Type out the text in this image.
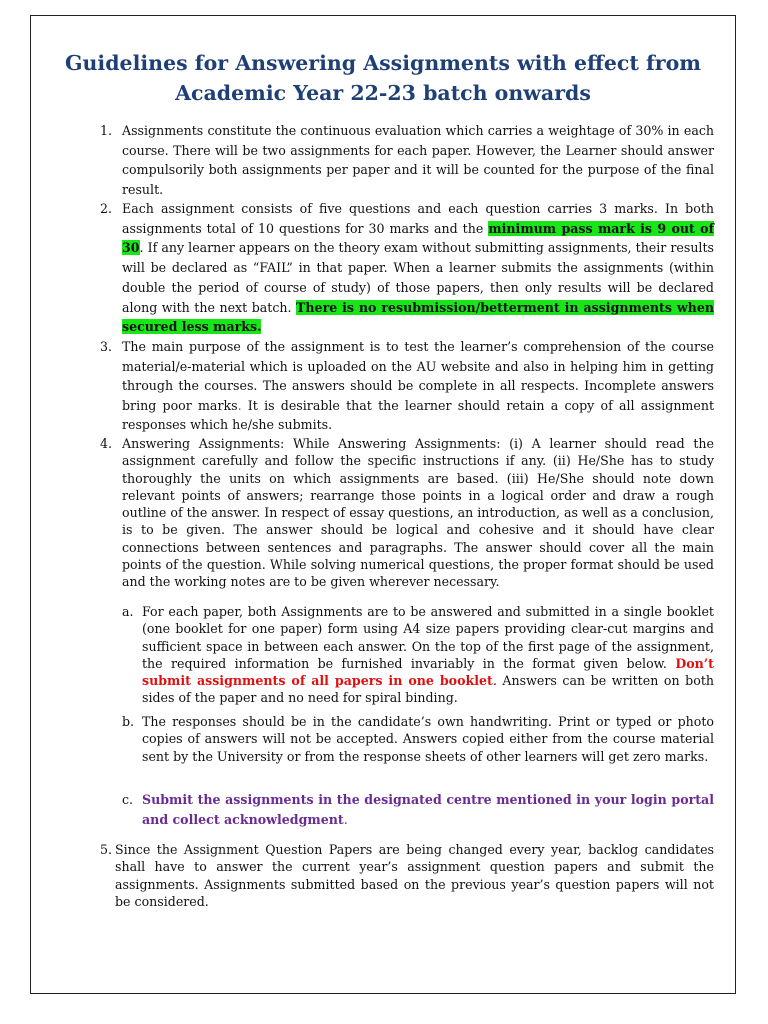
Guidelines for Answering Assignments with effect from
Academic Year 22-23 batch onwards
1. Assignments constitute the continuous evaluation which carries a weightage of 30% in each course. There will be two assignments for each paper. However, the Learner should answer compulsorily both assignments per paper and it will be counted for the purpose of the final result.
2. Each assignment consists of five questions and each question carries 3 marks. In both assignments total of 10 questions for 30 marks and the minimum pass mark is 9 out of 30. If any learner appears on the theory exam without submitting assignments, their results will be declared as “FAIL” in that paper. When a learner submits the assignments (within double the period of course of study) of those papers, then only results will be declared along with the next batch. There is no resubmission/betterment in assignments when secured less marks.
3. The main purpose of the assignment is to test the learner’s comprehension of the course material/e-material which is uploaded on the AU website and also in helping him in getting through the courses. The answers should be complete in all respects. Incomplete answers bring poor marks. It is desirable that the learner should retain a copy of all assignment responses which he/she submits.
4. Answering Assignments: While Answering Assignments: (i) A learner should read the assignment carefully and follow the specific instructions if any. (ii) He/She has to study thoroughly the units on which assignments are based. (iii) He/She should note down relevant points of answers; rearrange those points in a logical order and draw a rough outline of the answer. In respect of essay questions, an introduction, as well as a conclusion, is to be given. The answer should be logical and cohesive and it should have clear connections between sentences and paragraphs. The answer should cover all the main points of the question. While solving numerical questions, the proper format should be used and the working notes are to be given wherever necessary.
a. For each paper, both Assignments are to be answered and submitted in a single booklet (one booklet for one paper) form using A4 size papers providing clear-cut margins and sufficient space in between each answer. On the top of the first page of the assignment, the required information be furnished invariably in the format given below. Don’t submit assignments of all papers in one booklet. Answers can be written on both sides of the paper and no need for spiral binding.
b. The responses should be in the candidate’s own handwriting. Print or typed or photo copies of answers will not be accepted. Answers copied either from the course material sent by the University or from the response sheets of other learners will get zero marks.
c. Submit the assignments in the designated centre mentioned in your login portal and collect acknowledgment.
5. Since the Assignment Question Papers are being changed every year, backlog candidates shall have to answer the current year’s assignment question papers and submit the assignments. Assignments submitted based on the previous year’s question papers will not be considered.
